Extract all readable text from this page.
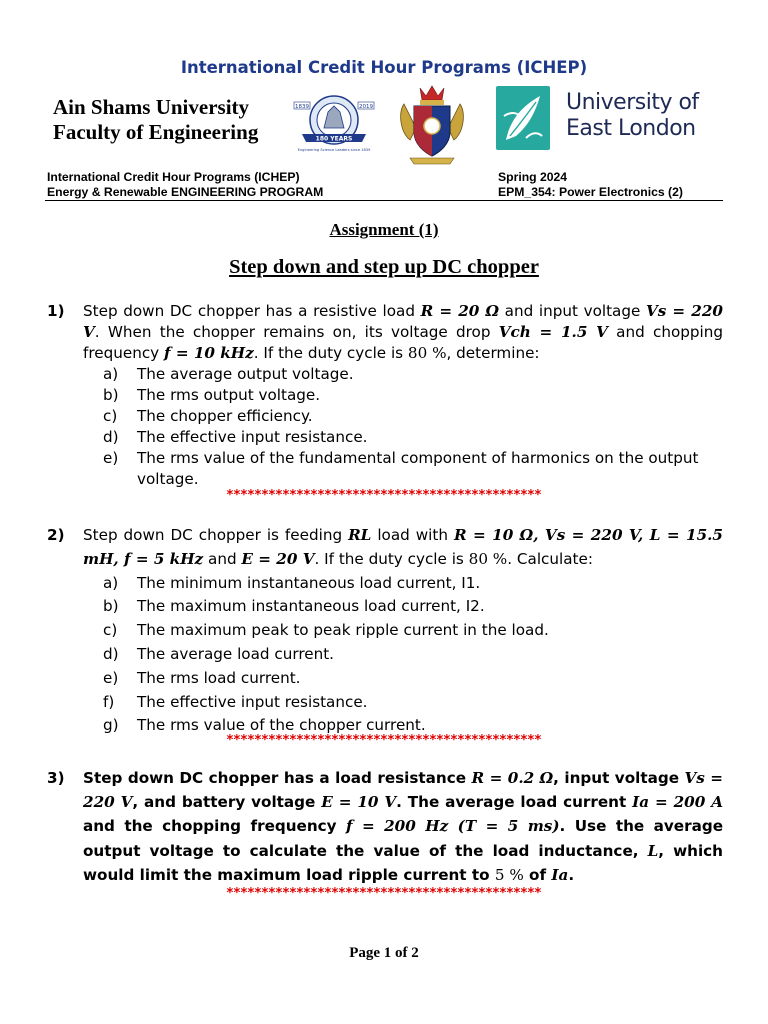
International Credit Hour Programs (ICHEP)
Ain Shams University
Faculty of Engineering
1839	2019
180 YEARS
Engineering Science Leaders since 1839
University of
East London
International Credit Hour Programs (ICHEP)
Energy & Renewable ENGINEERING PROGRAM
Spring 2024
EPM_354: Power Electronics (2)
Assignment (1)
Step down and step up DC chopper
1) Step down DC chopper has a resistive load R = 20 Ω and input voltage Vs = 220 V. When the chopper remains on, its voltage drop Vch = 1.5 V and chopping frequency f = 10 kHz. If the duty cycle is 80 %, determine:
a) The average output voltage.
b) The rms output voltage.
c) The chopper efficiency.
d) The effective input resistance.
e) The rms value of the fundamental component of harmonics on the output voltage.
*********************************************
2) Step down DC chopper is feeding RL load with R = 10 Ω, Vs = 220 V, L = 15.5 mH, f = 5 kHz and E = 20 V. If the duty cycle is 80 %. Calculate:
a) The minimum instantaneous load current, I1.
b) The maximum instantaneous load current, I2.
c) The maximum peak to peak ripple current in the load.
d) The average load current.
e) The rms load current.
f) The effective input resistance.
g) The rms value of the chopper current.
*********************************************
3) Step down DC chopper has a load resistance R = 0.2 Ω, input voltage Vs = 220 V, and battery voltage E = 10 V. The average load current Ia = 200 A and the chopping frequency f = 200 Hz (T = 5 ms). Use the average output voltage to calculate the value of the load inductance, L, which would limit the maximum load ripple current to 5 % of Ia.
*********************************************
Page 1 of 2
